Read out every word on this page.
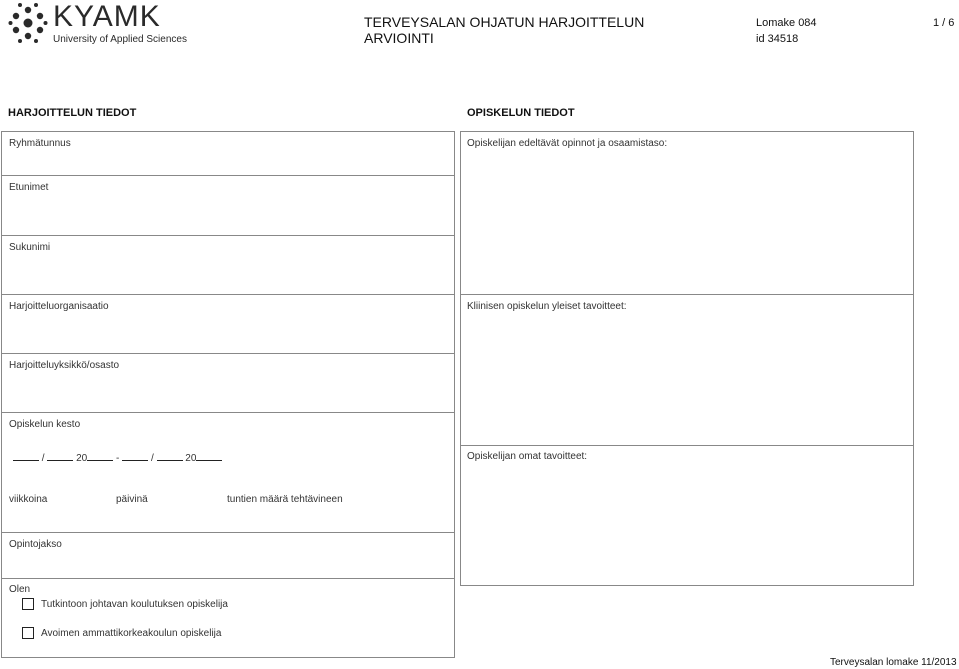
KYAMK
University of Applied Sciences
TERVEYSALAN OHJATUN HARJOITTELUN
ARVIOINTI
Lomake 084
id 34518
1 / 6
HARJOITTELUN TIEDOT	OPISKELUN TIEDOT
Ryhmätunnus
Etunimet
Sukunimi
Harjoitteluorganisaatio
Harjoitteluyksikkö/osasto
Opiskelun kesto
/	20	-	/	20
viikkoina	päivinä	tuntien määrä tehtävineen
Opintojakso
Olen
Tutkintoon johtavan koulutuksen opiskelija
Avoimen ammattikorkeakoulun opiskelija
Opiskelijan edeltävät opinnot ja osaamistaso:
Kliinisen opiskelun yleiset tavoitteet:
Opiskelijan omat tavoitteet:
Terveysalan lomake 11/2013
